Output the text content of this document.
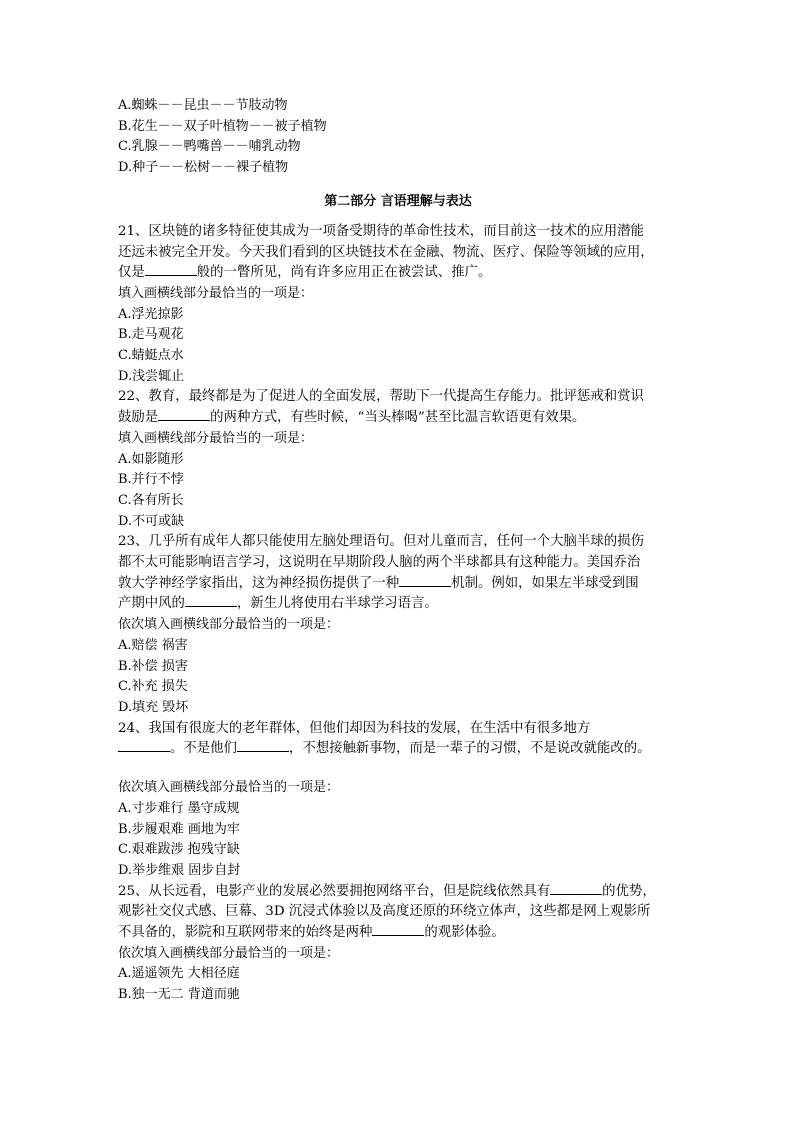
A.蜘蛛－－昆虫－－节肢动物
B.花生－－双子叶植物－－被子植物
C.乳腺－－鸭嘴兽－－哺乳动物
D.种子－－松树－－裸子植物
第二部分 言语理解与表达
21、区块链的诸多特征使其成为一项备受期待的革命性技术，而目前这一技术的应用潜能
还远未被完全开发。今天我们看到的区块链技术在金融、物流、医疗、保险等领域的应用，
仅是	般的一瞥所见，尚有许多应用正在被尝试、推广。
填入画横线部分最恰当的一项是：
A.浮光掠影
B.走马观花
C.蜻蜓点水
D.浅尝辄止
22、教育，最终都是为了促进人的全面发展，帮助下一代提高生存能力。批评惩戒和赏识
鼓励是	的两种方式，有些时候，“当头棒喝”甚至比温言软语更有效果。
填入画横线部分最恰当的一项是：
A.如影随形
B.并行不悖
C.各有所长
D.不可或缺
23、几乎所有成年人都只能使用左脑处理语句。但对儿童而言，任何一个大脑半球的损伤
都不太可能影响语言学习，这说明在早期阶段人脑的两个半球都具有这种能力。美国乔治
敦大学神经学家指出，这为神经损伤提供了一种	机制。例如，如果左半球受到围
产期中风的	，新生儿将使用右半球学习语言。
依次填入画横线部分最恰当的一项是：
A.赔偿 祸害
B.补偿 损害
C.补充 损失
D.填充 毁坏
24、我国有很庞大的老年群体，但他们却因为科技的发展，在生活中有很多地方
。不是他们	，不想接触新事物，而是一辈子的习惯，不是说改就能改的。
依次填入画横线部分最恰当的一项是：
A.寸步难行 墨守成规
B.步履艰难 画地为牢
C.艰难跋涉 抱残守缺
D.举步维艰 固步自封
25、从长远看，电影产业的发展必然要拥抱网络平台，但是院线依然具有	的优势，
观影社交仪式感、巨幕、3D 沉浸式体验以及高度还原的环绕立体声，这些都是网上观影所
不具备的，影院和互联网带来的始终是两种	的观影体验。
依次填入画横线部分最恰当的一项是：
A.遥遥领先 大相径庭
B.独一无二 背道而驰
